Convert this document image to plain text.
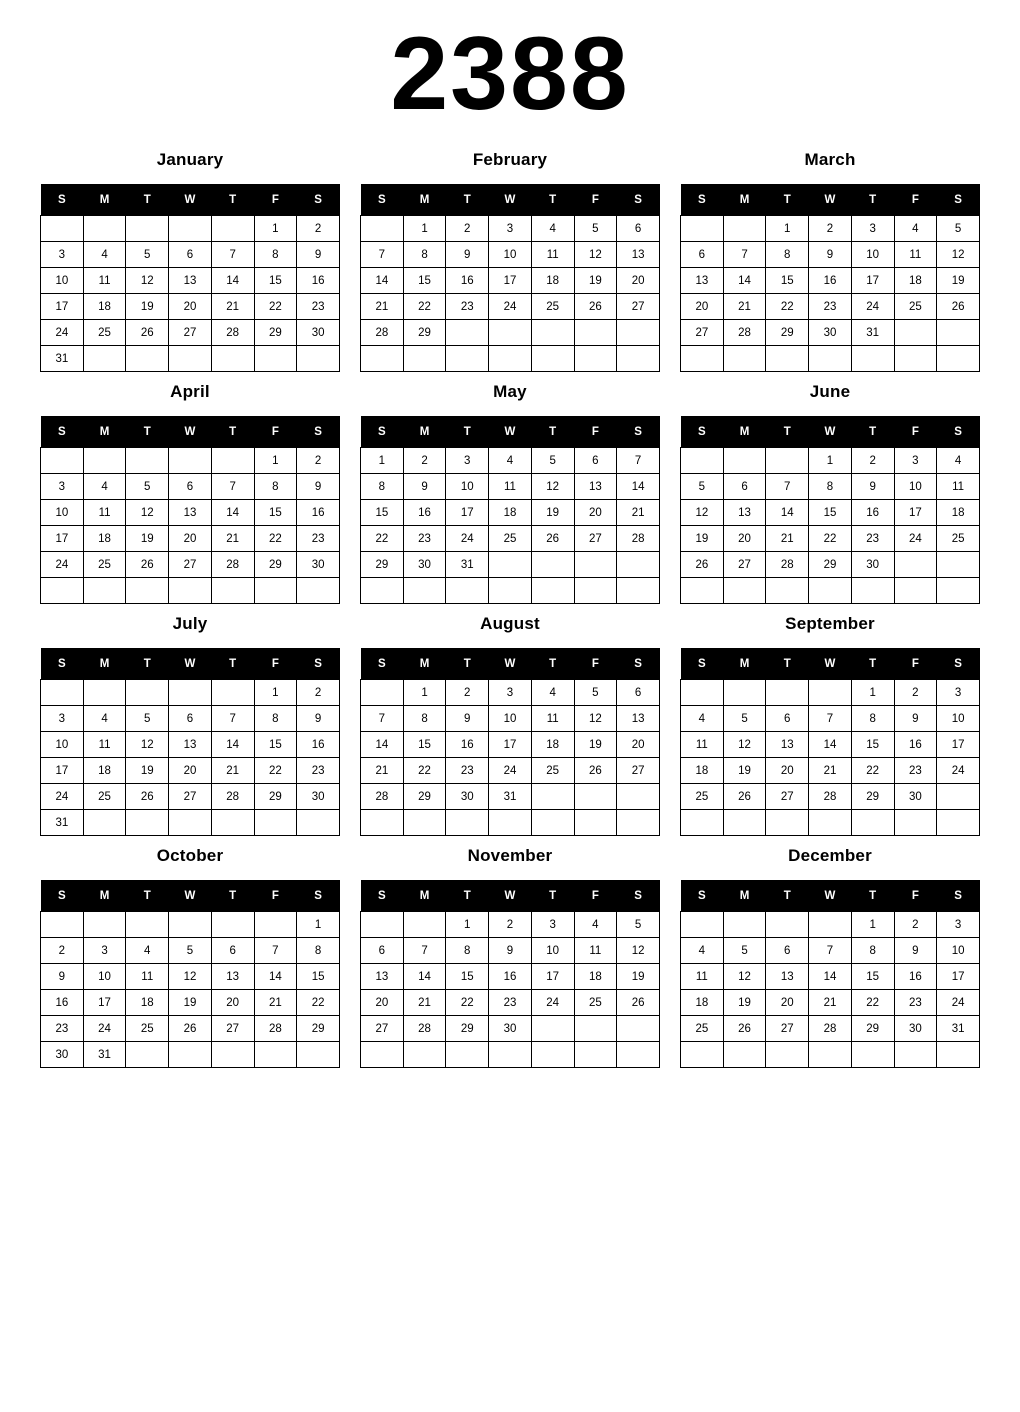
2388
January
S	M	T	W	T	F	S
					1	2
3	4	5	6	7	8	9
10	11	12	13	14	15	16
17	18	19	20	21	22	23
24	25	26	27	28	29	30
31						
February
S	M	T	W	T	F	S
	1	2	3	4	5	6
7	8	9	10	11	12	13
14	15	16	17	18	19	20
21	22	23	24	25	26	27
28	29					

March
S	M	T	W	T	F	S
		1	2	3	4	5
6	7	8	9	10	11	12
13	14	15	16	17	18	19
20	21	22	23	24	25	26
27	28	29	30	31		

April
S	M	T	W	T	F	S
					1	2
3	4	5	6	7	8	9
10	11	12	13	14	15	16
17	18	19	20	21	22	23
24	25	26	27	28	29	30

May
S	M	T	W	T	F	S
1	2	3	4	5	6	7
8	9	10	11	12	13	14
15	16	17	18	19	20	21
22	23	24	25	26	27	28
29	30	31				

June
S	M	T	W	T	F	S
			1	2	3	4
5	6	7	8	9	10	11
12	13	14	15	16	17	18
19	20	21	22	23	24	25
26	27	28	29	30		

July
S	M	T	W	T	F	S
					1	2
3	4	5	6	7	8	9
10	11	12	13	14	15	16
17	18	19	20	21	22	23
24	25	26	27	28	29	30
31						
August
S	M	T	W	T	F	S
	1	2	3	4	5	6
7	8	9	10	11	12	13
14	15	16	17	18	19	20
21	22	23	24	25	26	27
28	29	30	31			

September
S	M	T	W	T	F	S
				1	2	3
4	5	6	7	8	9	10
11	12	13	14	15	16	17
18	19	20	21	22	23	24
25	26	27	28	29	30	

October
S	M	T	W	T	F	S
						1
2	3	4	5	6	7	8
9	10	11	12	13	14	15
16	17	18	19	20	21	22
23	24	25	26	27	28	29
30	31					
November
S	M	T	W	T	F	S
		1	2	3	4	5
6	7	8	9	10	11	12
13	14	15	16	17	18	19
20	21	22	23	24	25	26
27	28	29	30			

December
S	M	T	W	T	F	S
				1	2	3
4	5	6	7	8	9	10
11	12	13	14	15	16	17
18	19	20	21	22	23	24
25	26	27	28	29	30	31
